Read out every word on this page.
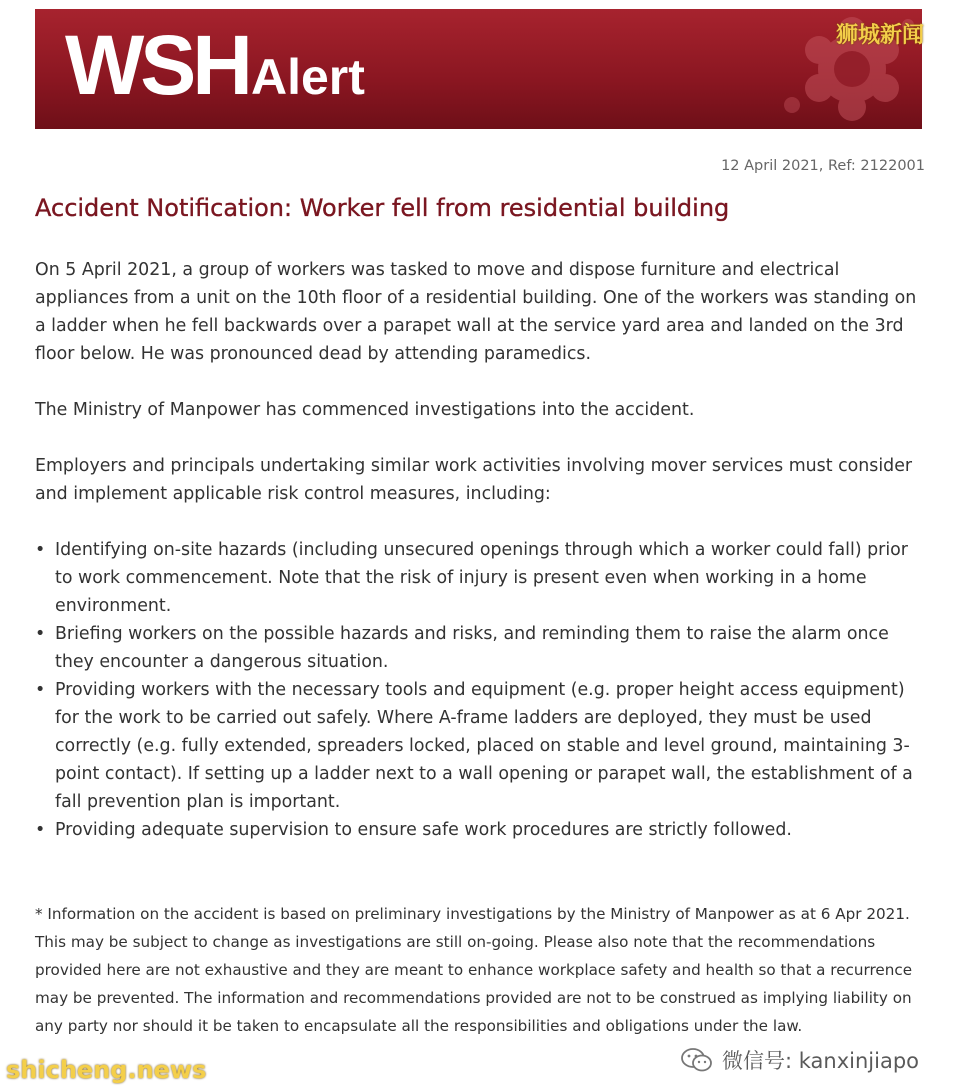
WSHAlert
狮城新闻
12 April 2021, Ref: 2122001
Accident Notification: Worker fell from residential building

On 5 April 2021, a group of workers was tasked to move and dispose furniture and electrical appliances from a unit on the 10th floor of a residential building. One of the workers was standing on a ladder when he fell backwards over a parapet wall at the service yard area and landed on the 3rd floor below. He was pronounced dead by attending paramedics.

The Ministry of Manpower has commenced investigations into the accident.

Employers and principals undertaking similar work activities involving mover services must consider and implement applicable risk control measures, including:

• Identifying on-site hazards (including unsecured openings through which a worker could fall) prior to work commencement. Note that the risk of injury is present even when working in a home environment.
• Briefing workers on the possible hazards and risks, and reminding them to raise the alarm once they encounter a dangerous situation.
• Providing workers with the necessary tools and equipment (e.g. proper height access equipment) for the work to be carried out safely. Where A-frame ladders are deployed, they must be used correctly (e.g. fully extended, spreaders locked, placed on stable and level ground, maintaining 3-point contact). If setting up a ladder next to a wall opening or parapet wall, the establishment of a fall prevention plan is important.
• Providing adequate supervision to ensure safe work procedures are strictly followed.

* Information on the accident is based on preliminary investigations by the Ministry of Manpower as at 6 Apr 2021. This may be subject to change as investigations are still on-going. Please also note that the recommendations provided here are not exhaustive and they are meant to enhance workplace safety and health so that a recurrence may be prevented. The information and recommendations provided are not to be construed as implying liability on any party nor should it be taken to encapsulate all the responsibilities and obligations under the law.

微信号: kanxinjiapo
shicheng.news
